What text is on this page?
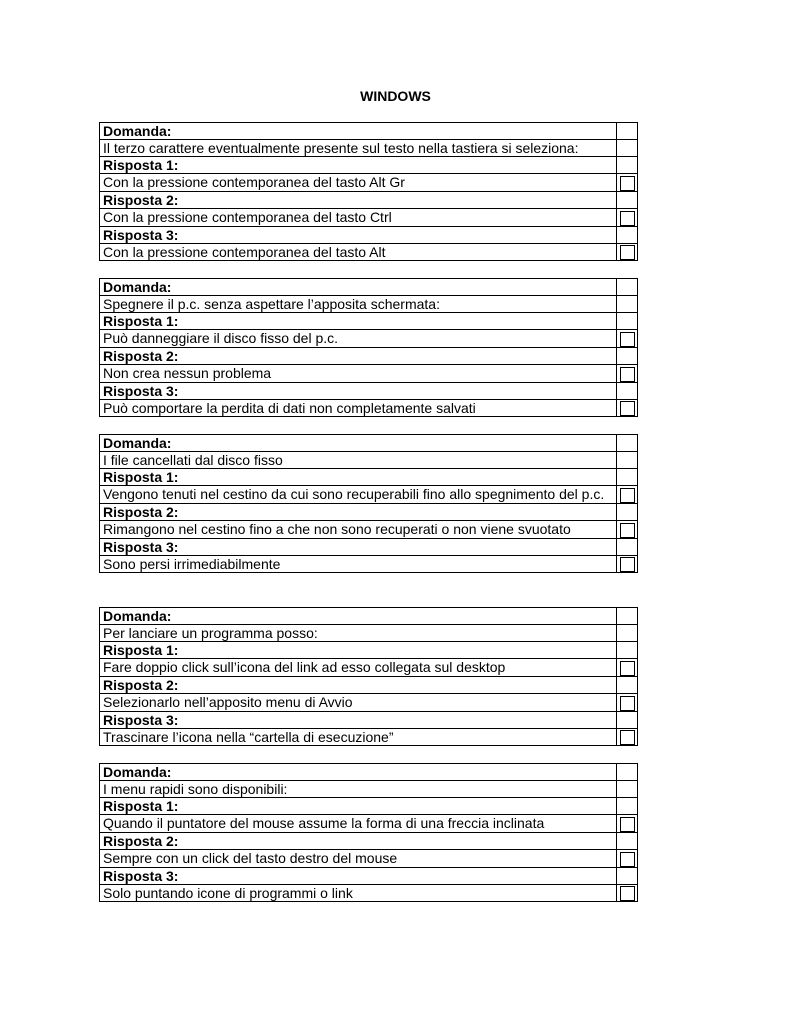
WINDOWS
Domanda:	
Il terzo carattere eventualmente presente sul testo nella tastiera si seleziona:	
Risposta 1:	
Con la pressione contemporanea del tasto Alt Gr	
Risposta 2:	
Con la pressione contemporanea del tasto Ctrl	
Risposta 3:	
Con la pressione contemporanea del tasto Alt	
Domanda:	
Spegnere il p.c. senza aspettare l’apposita schermata:	
Risposta 1:	
Può danneggiare il disco fisso del p.c.	
Risposta 2:	
Non crea nessun problema	
Risposta 3:	
Può comportare la perdita di dati non completamente salvati	
Domanda:	
I file cancellati dal disco fisso	
Risposta 1:	
Vengono tenuti nel cestino da cui sono recuperabili fino allo spegnimento del p.c.	
Risposta 2:	
Rimangono nel cestino fino a che non sono recuperati o non viene svuotato	
Risposta 3:	
Sono persi irrimediabilmente	
Domanda:	
Per lanciare un programma posso:	
Risposta 1:	
Fare doppio click sull’icona del link ad esso collegata sul desktop	
Risposta 2:	
Selezionarlo nell’apposito menu di Avvio	
Risposta 3:	
Trascinare l’icona nella “cartella di esecuzione”	
Domanda:	
I menu rapidi sono disponibili:	
Risposta 1:	
Quando il puntatore del mouse assume la forma di una freccia inclinata	
Risposta 2:	
Sempre con un click del tasto destro del mouse	
Risposta 3:	
Solo puntando icone di programmi o link	
